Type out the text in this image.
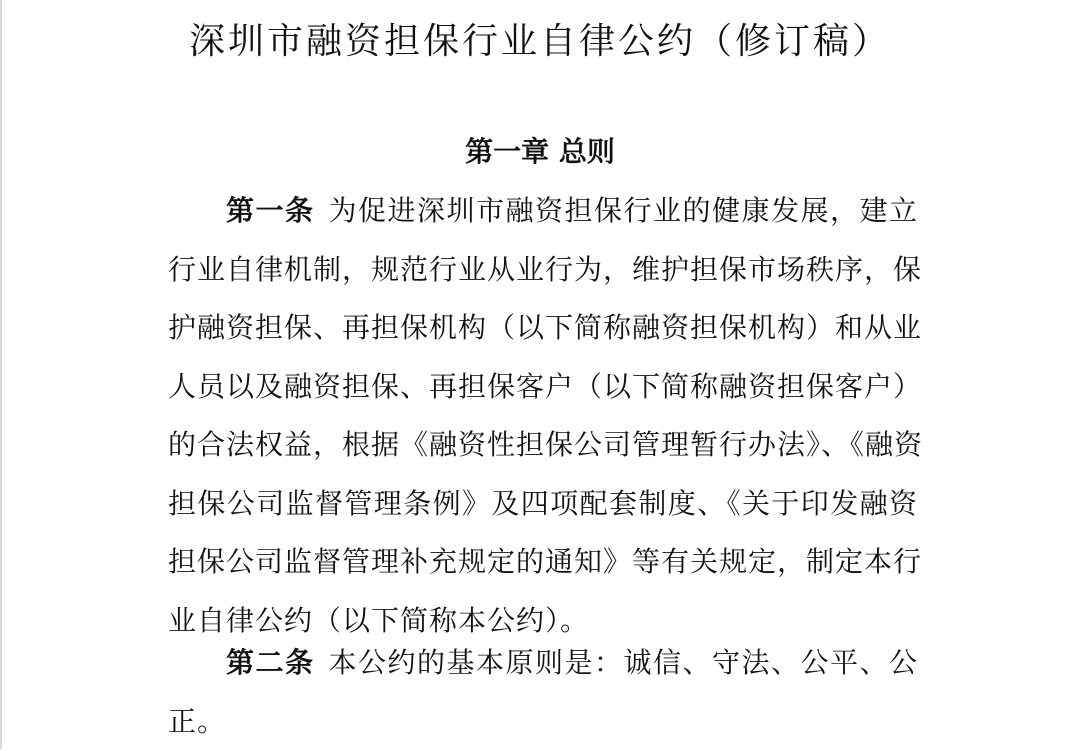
深圳市融资担保行业自律公约（修订稿）
第一章 总则
第一条 为促进深圳市融资担保行业的健康发展，建立
行业自律机制，规范行业从业行为，维护担保市场秩序，保
护融资担保、再担保机构（以下简称融资担保机构）和从业
人员以及融资担保、再担保客户（以下简称融资担保客户）
的合法权益，根据《融资性担保公司管理暂行办法》、《融资
担保公司监督管理条例》及四项配套制度、《关于印发融资
担保公司监督管理补充规定的通知》等有关规定，制定本行
业自律公约（以下简称本公约）。
第二条 本公约的基本原则是：诚信、守法、公平、公
正。
